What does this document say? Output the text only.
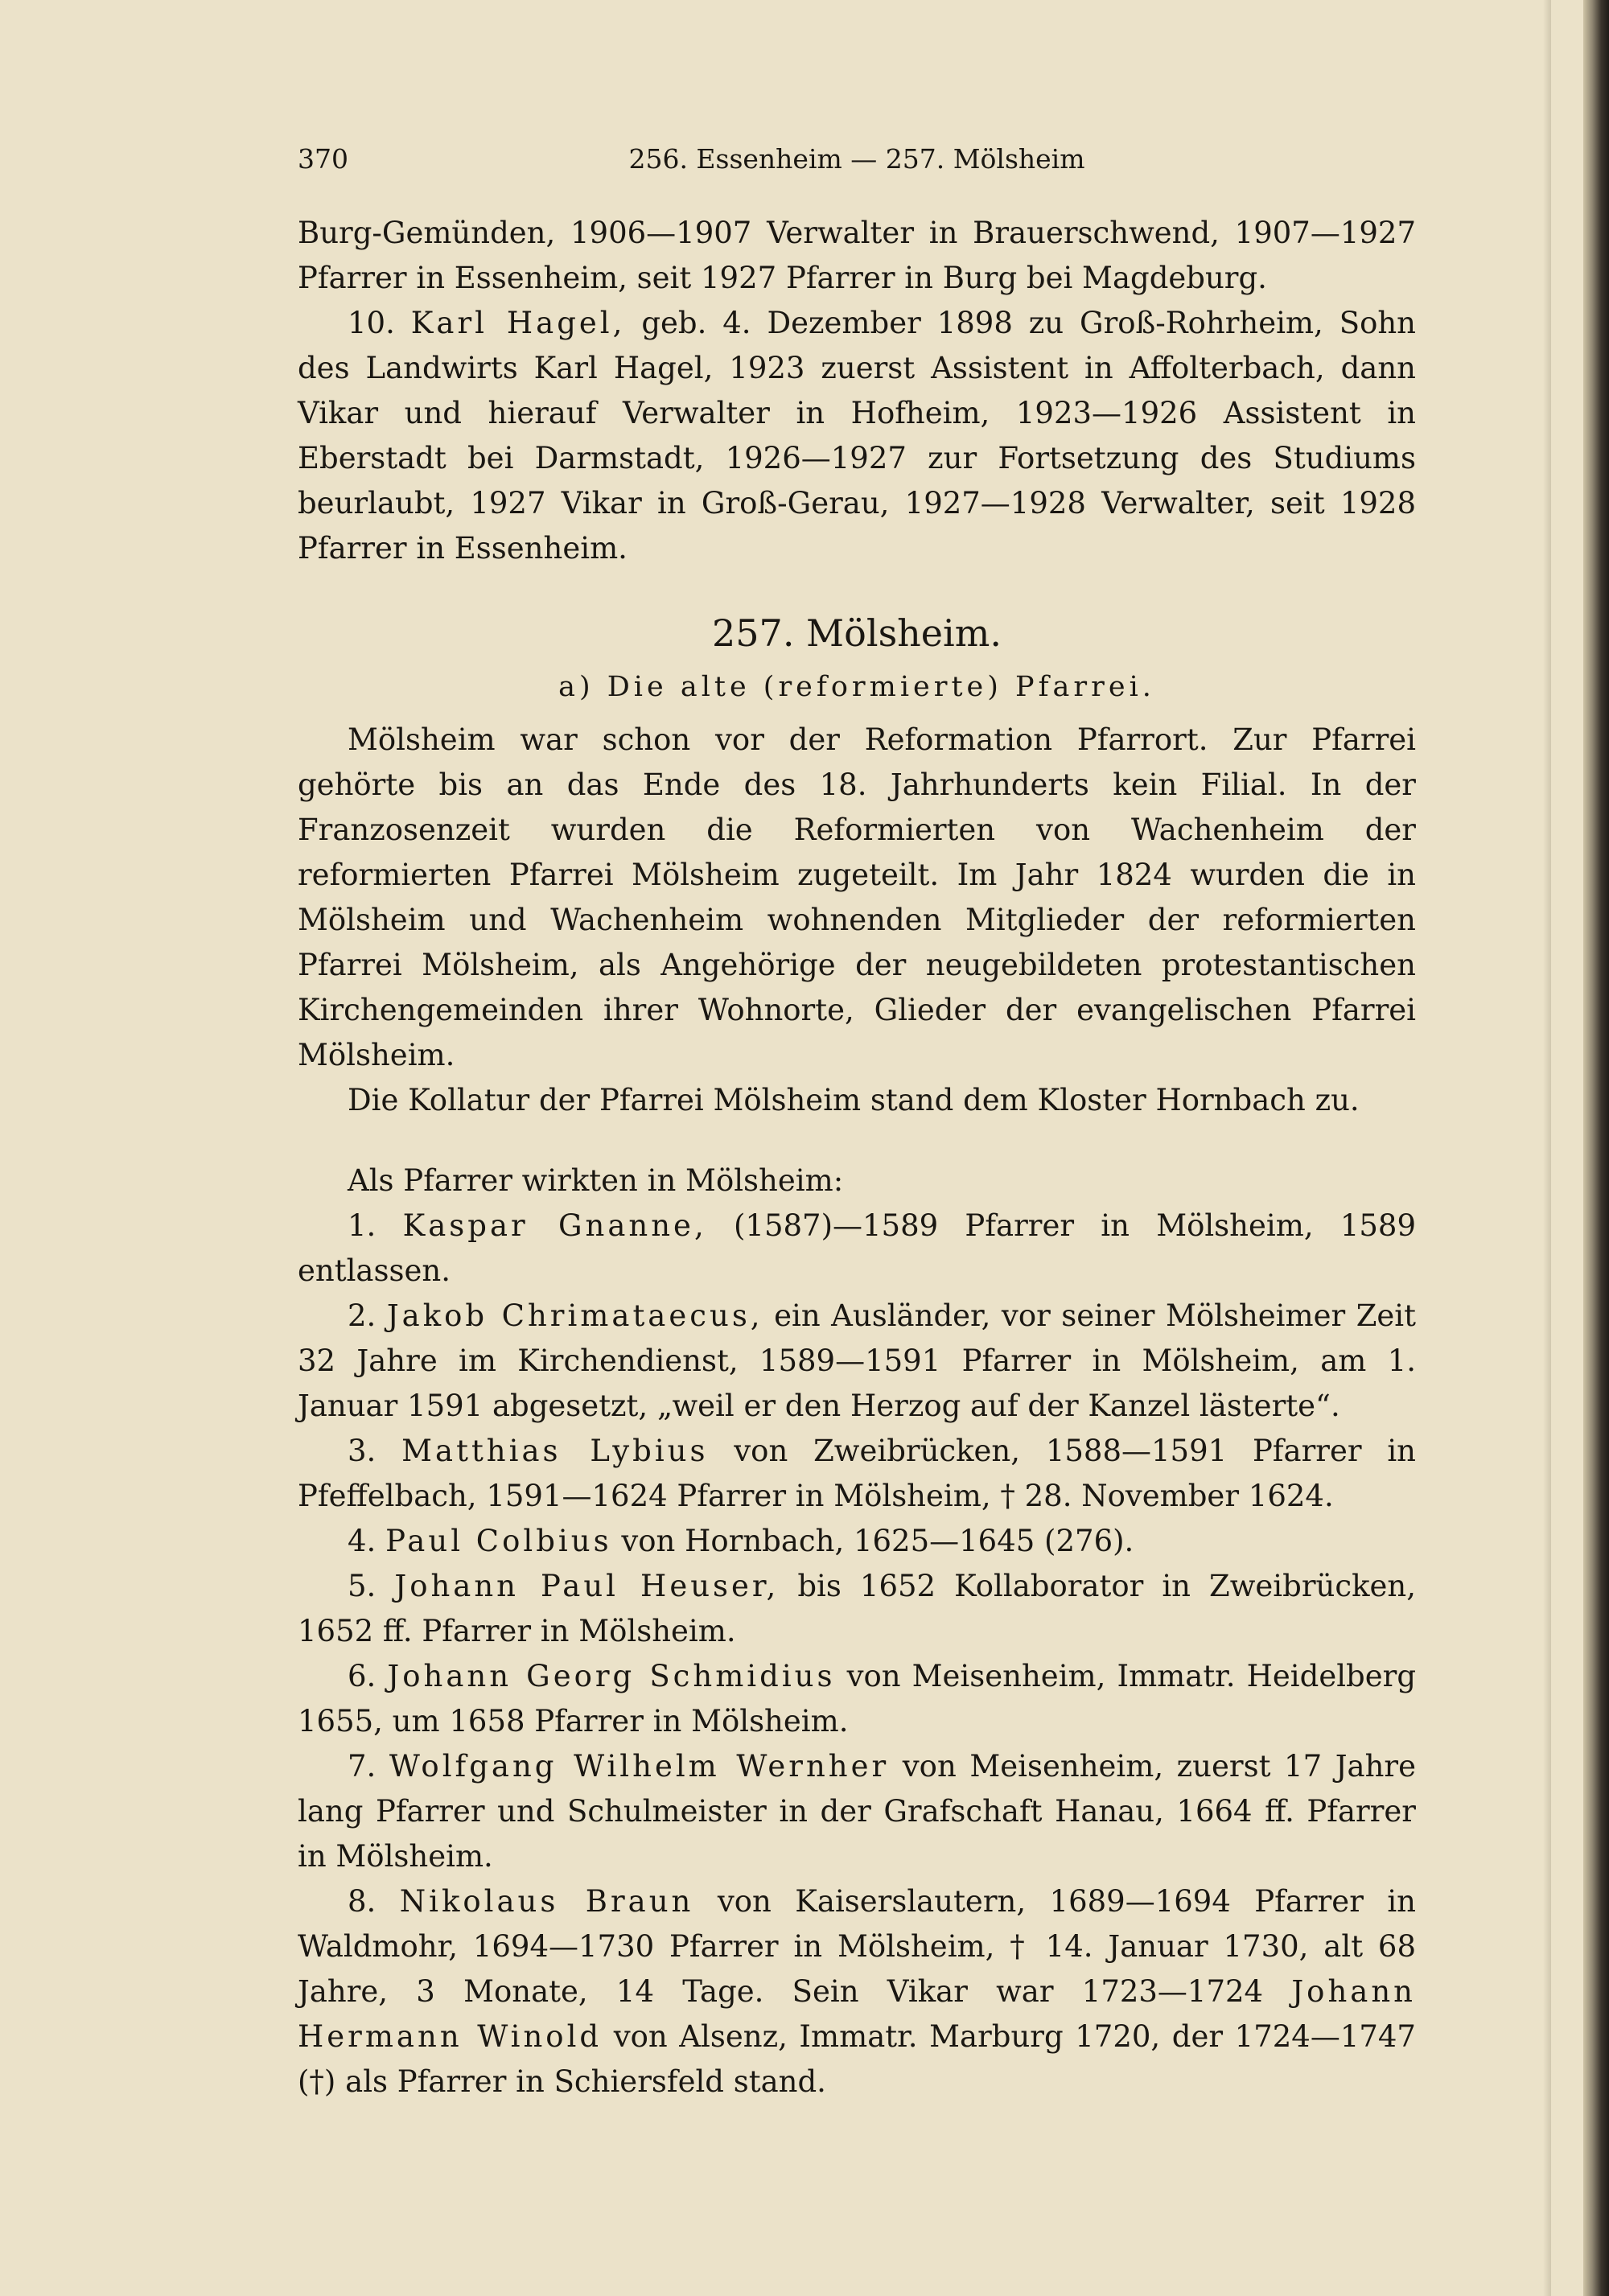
370	256. Essenheim — 257. Mölsheim

Burg-Gemünden, 1906—1907 Verwalter in Brauerschwend, 1907—1927 Pfarrer in Essenheim, seit 1927 Pfarrer in Burg bei Magdeburg.

10. Karl Hagel, geb. 4. Dezember 1898 zu Groß-Rohrheim, Sohn des Landwirts Karl Hagel, 1923 zuerst Assistent in Affolterbach, dann Vikar und hierauf Verwalter in Hofheim, 1923—1926 Assistent in Eberstadt bei Darmstadt, 1926—1927 zur Fortsetzung des Studiums beurlaubt, 1927 Vikar in Groß-Gerau, 1927—1928 Verwalter, seit 1928 Pfarrer in Essenheim.

257. Mölsheim.
a) Die alte (reformierte) Pfarrei.

Mölsheim war schon vor der Reformation Pfarrort. Zur Pfarrei gehörte bis an das Ende des 18. Jahrhunderts kein Filial. In der Franzosenzeit wurden die Reformierten von Wachenheim der reformierten Pfarrei Mölsheim zugeteilt. Im Jahr 1824 wurden die in Mölsheim und Wachenheim wohnenden Mitglieder der reformierten Pfarrei Mölsheim, als Angehörige der neugebildeten protestantischen Kirchengemeinden ihrer Wohnorte, Glieder der evangelischen Pfarrei Mölsheim.

Die Kollatur der Pfarrei Mölsheim stand dem Kloster Hornbach zu.

Als Pfarrer wirkten in Mölsheim:

1. Kaspar Gnanne, (1587)—1589 Pfarrer in Mölsheim, 1589 entlassen.

2. Jakob Chrimataecus, ein Ausländer, vor seiner Mölsheimer Zeit 32 Jahre im Kirchendienst, 1589—1591 Pfarrer in Mölsheim, am 1. Januar 1591 abgesetzt, „weil er den Herzog auf der Kanzel lästerte“.

3. Matthias Lybius von Zweibrücken, 1588—1591 Pfarrer in Pfeffelbach, 1591—1624 Pfarrer in Mölsheim, † 28. November 1624.

4. Paul Colbius von Hornbach, 1625—1645 (276).

5. Johann Paul Heuser, bis 1652 Kollaborator in Zweibrücken, 1652 ff. Pfarrer in Mölsheim.

6. Johann Georg Schmidius von Meisenheim, Immatr. Heidelberg 1655, um 1658 Pfarrer in Mölsheim.

7. Wolfgang Wilhelm Wernher von Meisenheim, zuerst 17 Jahre lang Pfarrer und Schulmeister in der Grafschaft Hanau, 1664 ff. Pfarrer in Mölsheim.

8. Nikolaus Braun von Kaiserslautern, 1689—1694 Pfarrer in Waldmohr, 1694—1730 Pfarrer in Mölsheim, † 14. Januar 1730, alt 68 Jahre, 3 Monate, 14 Tage. Sein Vikar war 1723—1724 Johann Hermann Winold von Alsenz, Immatr. Marburg 1720, der 1724—1747 (†) als Pfarrer in Schiersfeld stand.
